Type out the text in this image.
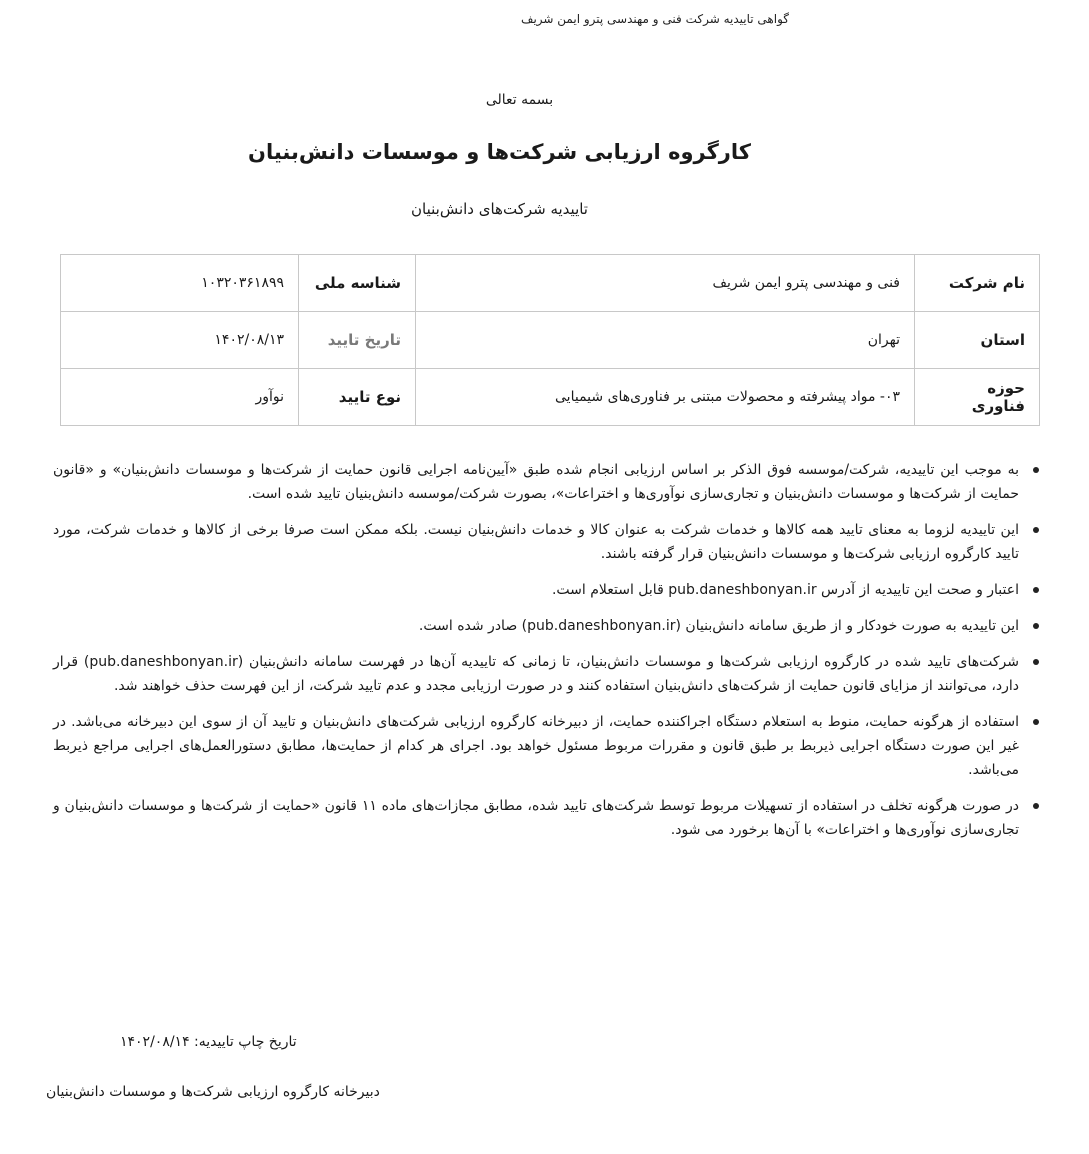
گواهی تاییدیه شرکت فنی و مهندسی پترو ایمن شریف
بسمه تعالی
کارگروه ارزیابی شرکت‌ها و موسسات دانش‌بنیان
تاییدیه شرکت‌های دانش‌بنیان
نام شرکت	فنی و مهندسی پترو ایمن شریف	شناسه ملی	۱۰۳۲۰۳۶۱۸۹۹
استان	تهران	تاریخ تایید	۱۴۰۲/۰۸/۱۳
حوزه فناوری	۰۳- مواد پیشرفته و محصولات مبتنی بر فناوری‌های شیمیایی	نوع تایید	نوآور
به موجب این تاییدیه، شرکت/موسسه فوق الذکر بر اساس ارزیابی انجام شده طبق «آیین‌نامه اجرایی قانون حمایت از شرکت‌ها و موسسات دانش‌بنیان» و «قانون حمایت از شرکت‌ها و موسسات دانش‌بنیان و تجاری‌سازی نوآوری‌ها و اختراعات»، بصورت شرکت/موسسه دانش‌بنیان تایید شده است.
این تاییدیه لزوما به معنای تایید همه کالاها و خدمات شرکت به عنوان کالا و خدمات دانش‌بنیان نیست. بلکه ممکن است صرفا برخی از کالاها و خدمات شرکت، مورد تایید کارگروه ارزیابی شرکت‌ها و موسسات دانش‌بنیان قرار گرفته باشند.
اعتبار و صحت این تاییدیه از آدرس pub.daneshbonyan.ir قابل استعلام است.
این تاییدیه به صورت خودکار و از طریق سامانه دانش‌بنیان (pub.daneshbonyan.ir) صادر شده است.
شرکت‌های تایید شده در کارگروه ارزیابی شرکت‌ها و موسسات دانش‌بنیان، تا زمانی که تاییدیه آن‌ها در فهرست سامانه دانش‌بنیان (pub.daneshbonyan.ir) قرار دارد، می‌توانند از مزایای قانون حمایت از شرکت‌های دانش‌بنیان استفاده کنند و در صورت ارزیابی مجدد و عدم تایید شرکت، از این فهرست حذف خواهند شد.
استفاده از هرگونه حمایت، منوط به استعلام دستگاه اجراکننده حمایت، از دبیرخانه کارگروه ارزیابی شرکت‌های دانش‌بنیان و تایید آن از سوی این دبیرخانه می‌باشد. در غیر این صورت دستگاه اجرایی ذیربط بر طبق قانون و مقررات مربوط مسئول خواهد بود. اجرای هر کدام از حمایت‌ها، مطابق دستورالعمل‌های اجرایی مراجع ذیربط می‌باشد.
در صورت هرگونه تخلف در استفاده از تسهیلات مربوط توسط شرکت‌های تایید شده، مطابق مجازات‌های ماده ۱۱ قانون «حمایت از شرکت‌ها و موسسات دانش‌بنیان و تجاری‌سازی نوآوری‌ها و اختراعات» با آن‌ها برخورد می شود.
تاریخ چاپ تاییدیه: ۱۴۰۲/۰۸/۱۴
دبیرخانه کارگروه ارزیابی شرکت‌ها و موسسات دانش‌بنیان
